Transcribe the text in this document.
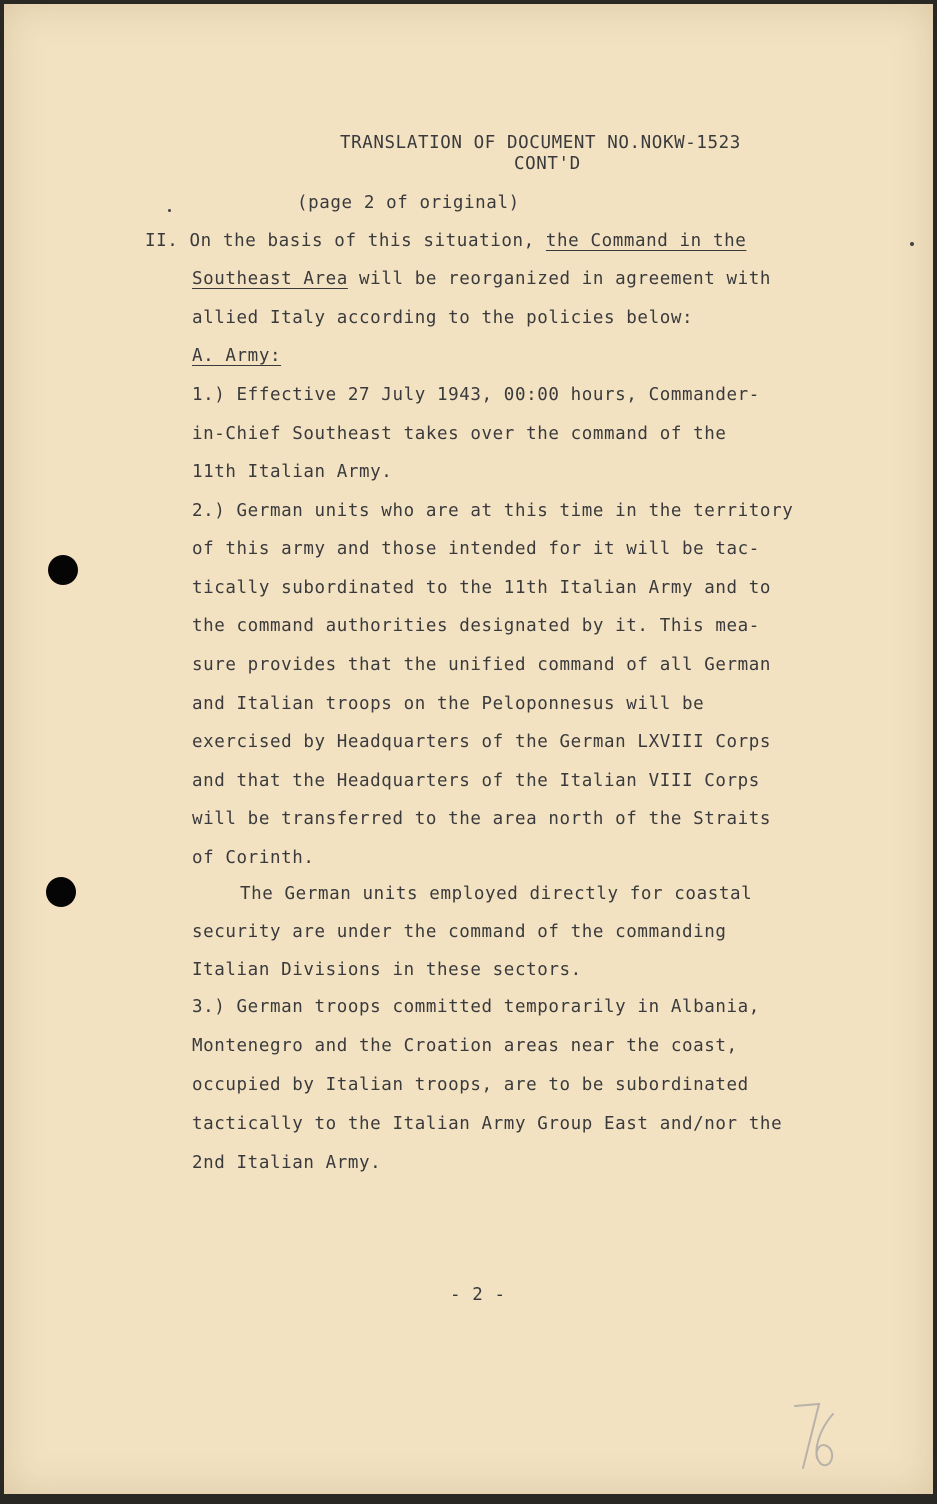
TRANSLATION OF DOCUMENT NO.NOKW-1523
CONT'D
(page 2 of original)
II. On the basis of this situation, the Command in the
Southeast Area will be reorganized in agreement with
allied Italy according to the policies below:
A. Army:
1.) Effective 27 July 1943, 00:00 hours, Commander-
in-Chief Southeast takes over the command of the
11th Italian Army.
2.) German units who are at this time in the territory
of this army and those intended for it will be tac-
tically subordinated to the 11th Italian Army and to
the command authorities designated by it. This mea-
sure provides that the unified command of all German
and Italian troops on the Peloponnesus will be
exercised by Headquarters of the German LXVIII Corps
and that the Headquarters of the Italian VIII Corps
will be transferred to the area north of the Straits
of Corinth.
The German units employed directly for coastal
security are under the command of the commanding
Italian Divisions in these sectors.
3.) German troops committed temporarily in Albania,
Montenegro and the Croation areas near the coast,
occupied by Italian troops, are to be subordinated
tactically to the Italian Army Group East and/nor the
2nd Italian Army.
- 2 -
